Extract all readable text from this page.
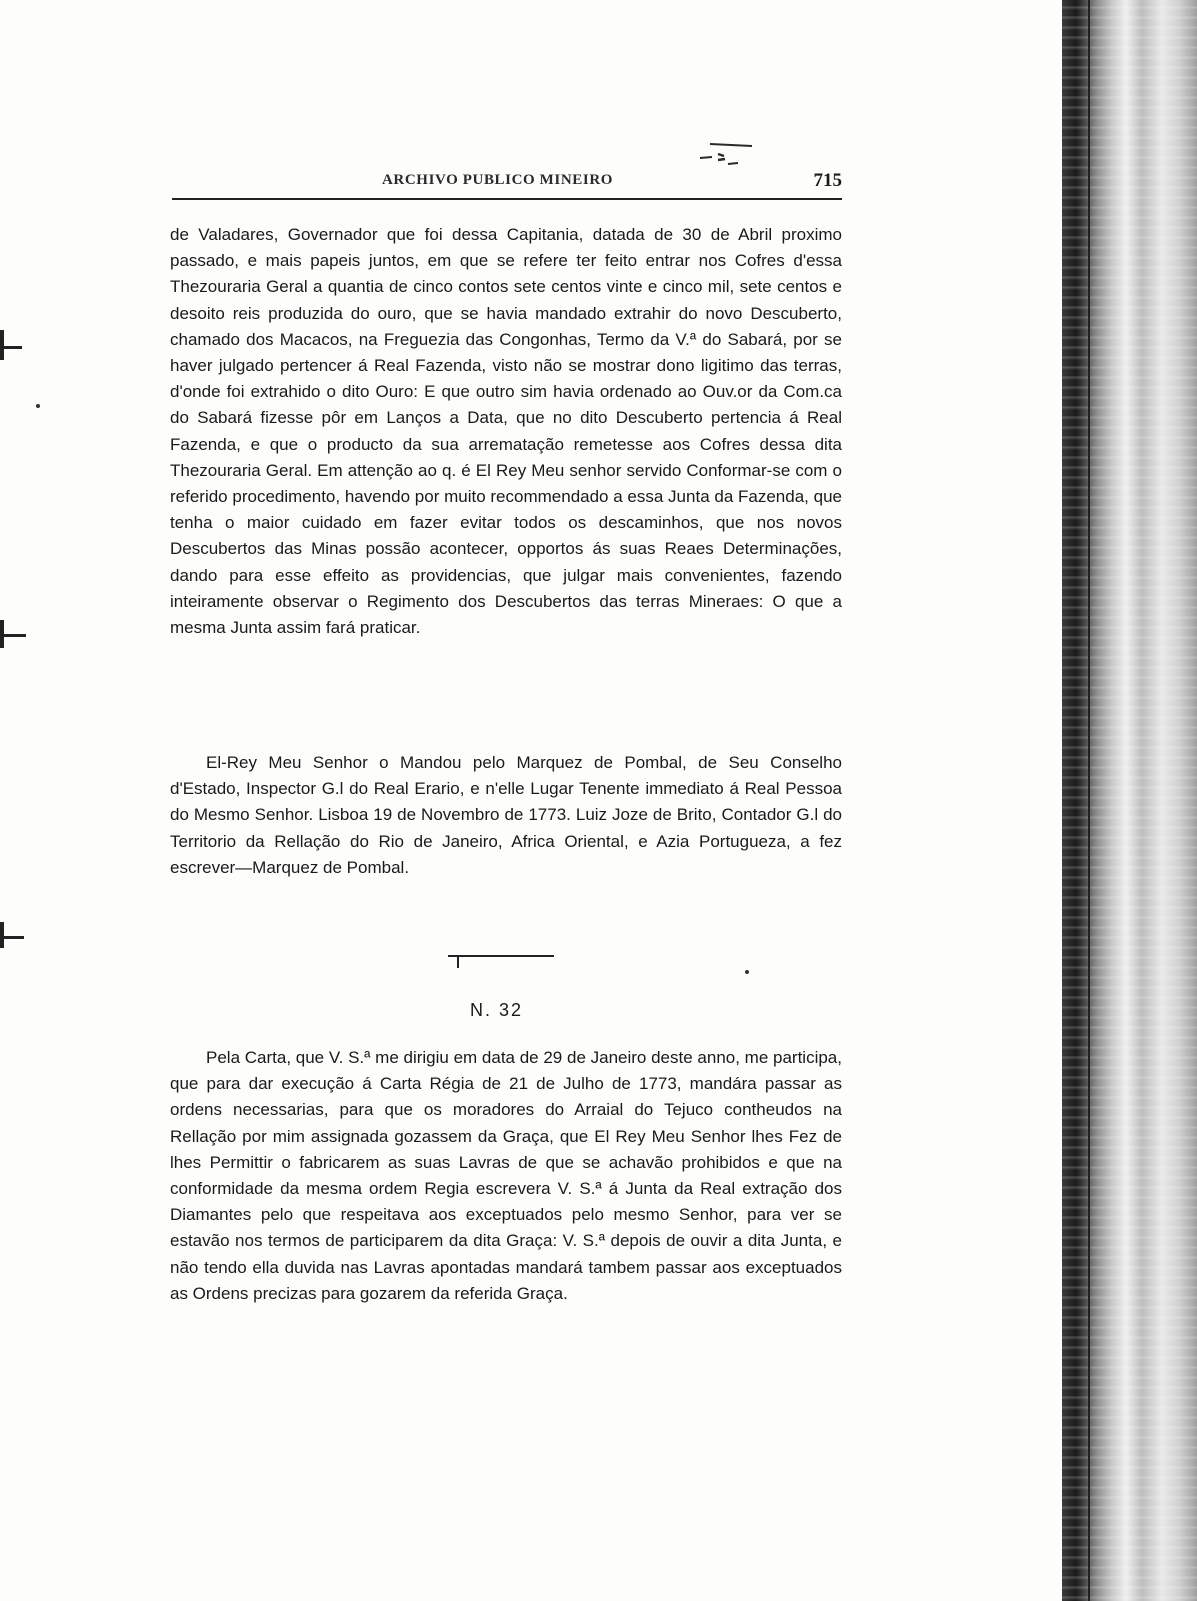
ARCHIVO PUBLICO MINEIRO	715

de Valadares, Governador que foi dessa Capitania, datada de 30 de Abril proximo passado, e mais papeis juntos, em que se refere ter feito entrar nos Cofres d'essa Thezouraria Geral a quantia de cinco contos sete centos vinte e cinco mil, sete centos e desoito reis produzida do ouro, que se havia mandado extrahir do novo Descuberto, chamado dos Macacos, na Freguezia das Congonhas, Termo da V.ª do Sabará, por se haver julgado pertencer á Real Fazenda, visto não se mostrar dono ligitimo das terras, d'onde foi extrahido o dito Ouro: E que outro sim havia ordenado ao Ouv.or da Com.ca do Sabará fizesse pôr em Lanços a Data, que no dito Descuberto pertencia á Real Fazenda, e que o producto da sua arrematação remetesse aos Cofres dessa dita Thezouraria Geral. Em attenção ao q. é El Rey Meu senhor servido Conformar-se com o referido procedimento, havendo por muito recommendado a essa Junta da Fazenda, que tenha o maior cuidado em fazer evitar todos os descaminhos, que nos novos Descubertos das Minas possão acontecer, opportos ás suas Reaes Determinações, dando para esse effeito as providencias, que julgar mais convenientes, fazendo inteiramente observar o Regimento dos Descubertos das terras Mineraes: O que a mesma Junta assim fará praticar.

El-Rey Meu Senhor o Mandou pelo Marquez de Pombal, de Seu Conselho d'Estado, Inspector G.l do Real Erario, e n'elle Lugar Tenente immediato á Real Pessoa do Mesmo Senhor. Lisboa 19 de Novembro de 1773. Luiz Joze de Brito, Contador G.l do Territorio da Rellação do Rio de Janeiro, Africa Oriental, e Azia Portugueza, a fez escrever—Marquez de Pombal.

N. 32

Pela Carta, que V. S.ª me dirigiu em data de 29 de Janeiro deste anno, me participa, que para dar execução á Carta Régia de 21 de Julho de 1773, mandára passar as ordens necessarias, para que os moradores do Arraial do Tejuco contheudos na Rellação por mim assignada gozassem da Graça, que El Rey Meu Senhor lhes Fez de lhes Permittir o fabricarem as suas Lavras de que se achavão prohibidos e que na conformidade da mesma ordem Regia escrevera V. S.ª á Junta da Real extração dos Diamantes pelo que respeitava aos exceptuados pelo mesmo Senhor, para ver se estavão nos termos de participarem da dita Graça: V. S.ª depois de ouvir a dita Junta, e não tendo ella duvida nas Lavras apontadas mandará tambem passar aos exceptuados as Ordens precizas para gozarem da referida Graça.
